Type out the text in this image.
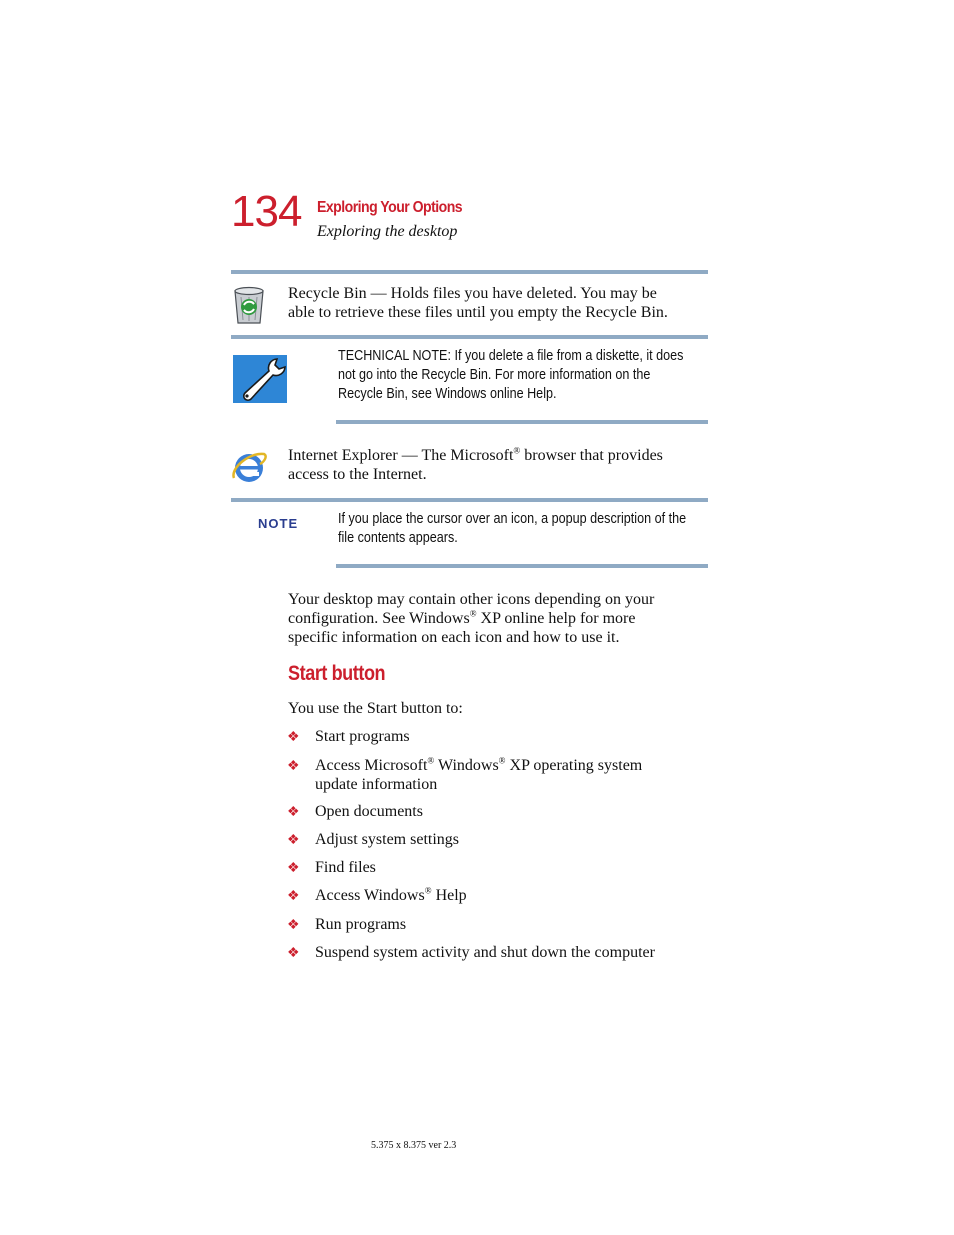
134 Exploring Your Options
Exploring the desktop
Recycle Bin — Holds files you have deleted. You may be
able to retrieve these files until you empty the Recycle Bin.
TECHNICAL NOTE: If you delete a file from a diskette, it does
not go into the Recycle Bin. For more information on the
Recycle Bin, see Windows online Help.
Internet Explorer — The Microsoft® browser that provides
access to the Internet.
NOTE	If you place the cursor over an icon, a popup description of the
file contents appears.
Your desktop may contain other icons depending on your
configuration. See Windows® XP online help for more
specific information on each icon and how to use it.
Start button
You use the Start button to:
❖ Start programs
❖ Access Microsoft® Windows® XP operating system
update information
❖ Open documents
❖ Adjust system settings
❖ Find files
❖ Access Windows® Help
❖ Run programs
❖ Suspend system activity and shut down the computer
5.375 x 8.375 ver 2.3
